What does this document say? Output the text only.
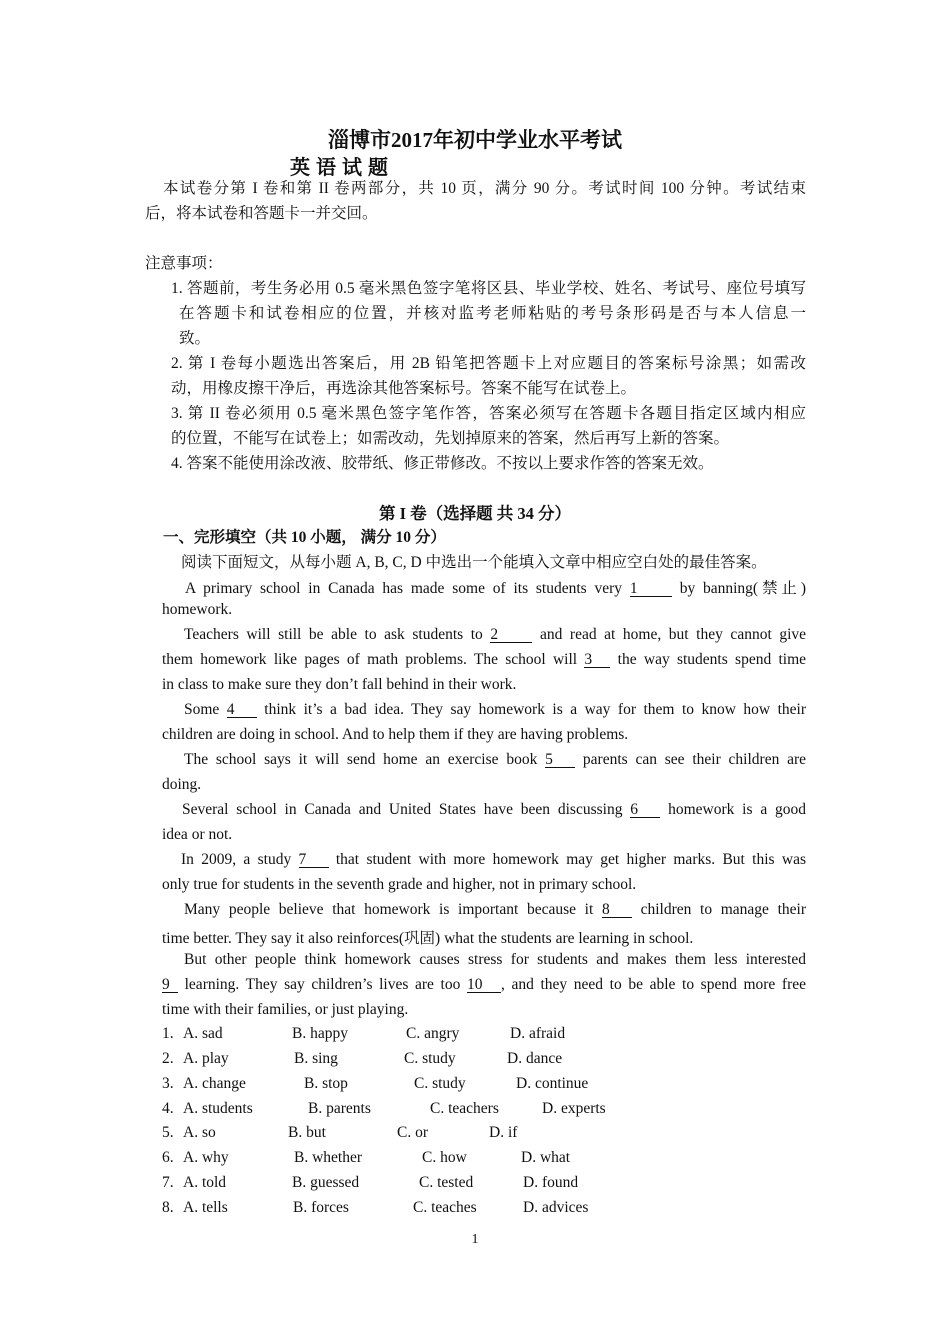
淄博市2017年初中学业水平考试
英语试题
本试卷分第 I 卷和第 II 卷两部分，共 10 页，满分 90 分。考试时间 100 分钟。考试结束
后，将本试卷和答题卡一并交回。
注意事项：
1. 答题前，考生务必用 0.5 毫米黑色签字笔将区县、毕业学校、姓名、考试号、座位号填写
在答题卡和试卷相应的位置，并核对监考老师粘贴的考号条形码是否与本人信息一
致。
2. 第 I 卷每小题选出答案后，用 2B 铅笔把答题卡上对应题目的答案标号涂黑；如需改
动，用橡皮擦干净后，再选涂其他答案标号。答案不能写在试卷上。
3. 第 II 卷必须用 0.5 毫米黑色签字笔作答，答案必须写在答题卡各题目指定区域内相应
的位置，不能写在试卷上；如需改动，先划掉原来的答案，然后再写上新的答案。
4. 答案不能使用涂改液、胶带纸、修正带修改。不按以上要求作答的答案无效。
第 I 卷（选择题 共 34 分）
一、完形填空（共 10 小题， 满分 10 分）
阅读下面短文，从每小题 A, B, C, D 中选出一个能填入文章中相应空白处的最佳答案。
A primary school in Canada has made some of its students very 1	by banning(禁止)
homework.
Teachers will still be able to ask students to 2	and read at home, but they cannot give
them homework like pages of math problems. The school will 3 the way students spend time
in class to make sure they don’t fall behind in their work.
Some 4 think it’s a bad idea. They say homework is a way for them to know how their
children are doing in school. And to help them if they are having problems.
The school says it will send home an exercise book 5 parents can see their children are
doing.
Several school in Canada and United States have been discussing 6 homework is a good
idea or not.
In 2009, a study 7 that student with more homework may get higher marks. But this was
only true for students in the seventh grade and higher, not in primary school.
Many people believe that homework is important because it 8 children to manage their
time better. They say it also reinforces(巩固) what the students are learning in school.
But other people think homework causes stress for students and makes them less interested
9 learning. They say children’s lives are too 10 , and they need to be able to spend more free
time with their families, or just playing.
1. A. sad	B. happy	C. angry	D. afraid
2. A. play	B. sing	C. study	D. dance
3. A. change	B. stop	C. study	D. continue
4. A. students	B. parents	C. teachers	D. experts
5. A. so	B. but	C. or	D. if
6. A. why	B. whether	C. how	D. what
7. A. told	B. guessed	C. tested	D. found
8. A. tells	B. forces	C. teaches	D. advices
1
